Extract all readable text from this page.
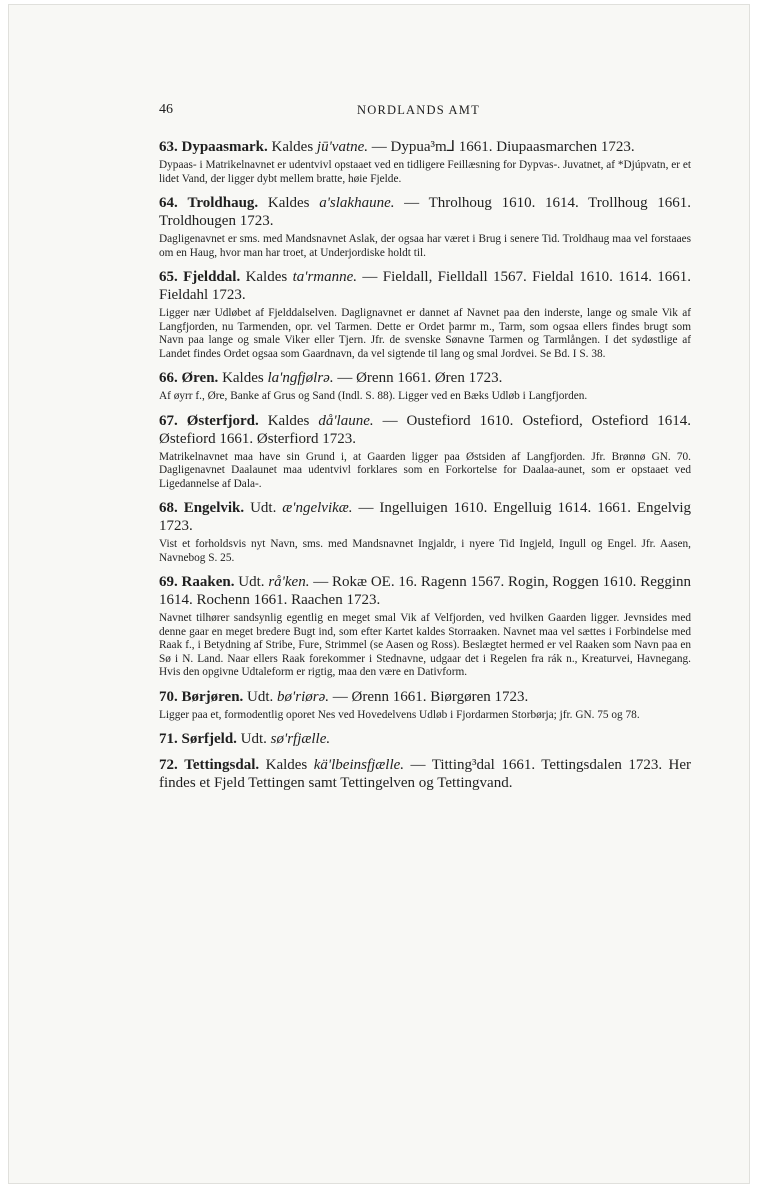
46	NORDLANDS AMT

63. Dypaasmark. Kaldes jū'vatne. — Dypua³m⅃ 1661. Diupaasmarchen 1723.

Dypaas- i Matrikelnavnet er udentvivl opstaaet ved en tidligere Feillæsning for Dypvas-. Juvatnet, af *Djúpvatn, er et lidet Vand, der ligger dybt mellem bratte, høie Fjelde.

64. Troldhaug. Kaldes a'slakhaune. — Throlhoug 1610. 1614. Trollhoug 1661. Troldhougen 1723.

Dagligenavnet er sms. med Mandsnavnet Aslak, der ogsaa har været i Brug i senere Tid. Troldhaug maa vel forstaaes om en Haug, hvor man har troet, at Underjordiske holdt til.

65. Fjelddal. Kaldes ta'rmanne. — Fieldall, Fielldall 1567. Fieldal 1610. 1614. 1661. Fieldahl 1723.

Ligger nær Udløbet af Fjelddalselven. Daglignavnet er dannet af Navnet paa den inderste, lange og smale Vik af Langfjorden, nu Tarmenden, opr. vel Tarmen. Dette er Ordet þarmr m., Tarm, som ogsaa ellers findes brugt som Navn paa lange og smale Viker eller Tjern. Jfr. de svenske Sønavne Tarmen og Tarmlången. I det sydøstlige af Landet findes Ordet ogsaa som Gaardnavn, da vel sigtende til lang og smal Jordvei. Se Bd. I S. 38.

66. Øren. Kaldes la'ngfjølrə. — Ørenn 1661. Øren 1723.

Af øyrr f., Øre, Banke af Grus og Sand (Indl. S. 88). Ligger ved en Bæks Udløb i Langfjorden.

67. Østerfjord. Kaldes då'laune. — Oustefiord 1610. Ostefiord, Ostefiord 1614. Østefiord 1661. Østerfiord 1723.

Matrikelnavnet maa have sin Grund i, at Gaarden ligger paa Østsiden af Langfjorden. Jfr. Brønnø GN. 70. Dagligenavnet Daalaunet maa udentvivl forklares som en Forkortelse for Daalaa-aunet, som er opstaaet ved Ligedannelse af Dala-.

68. Engelvik. Udt. æ'ngelvikæ. — Ingelluigen 1610. Engelluig 1614. 1661. Engelvig 1723.

Vist et forholdsvis nyt Navn, sms. med Mandsnavnet Ingjaldr, i nyere Tid Ingjeld, Ingull og Engel. Jfr. Aasen, Navnebog S. 25.

69. Raaken. Udt. rå'ken. — Rokæ OE. 16. Ragenn 1567. Rogin, Roggen 1610. Regginn 1614. Rochenn 1661. Raachen 1723.

Navnet tilhører sandsynlig egentlig en meget smal Vik af Velfjorden, ved hvilken Gaarden ligger. Jevnsides med denne gaar en meget bredere Bugt ind, som efter Kartet kaldes Storraaken. Navnet maa vel sættes i Forbindelse med Raak f., i Betydning af Stribe, Fure, Strimmel (se Aasen og Ross). Beslægtet hermed er vel Raaken som Navn paa en Sø i N. Land. Naar ellers Raak forekommer i Stednavne, udgaar det i Regelen fra rák n., Kreaturvei, Havnegang. Hvis den opgivne Udtaleform er rigtig, maa den være en Dativform.

70. Børjøren. Udt. bø'riørə. — Ørenn 1661. Biørgøren 1723.

Ligger paa et, formodentlig oporet Nes ved Hovedelvens Udløb i Fjordarmen Storbørja; jfr. GN. 75 og 78.

71. Sørfjeld. Udt. sø'rfjælle.

72. Tettingsdal. Kaldes kä'lbeinsfjælle. — Titting³dal 1661. Tettingsdalen 1723. Her findes et Fjeld Tettingen samt Tettingelven og Tettingvand.
